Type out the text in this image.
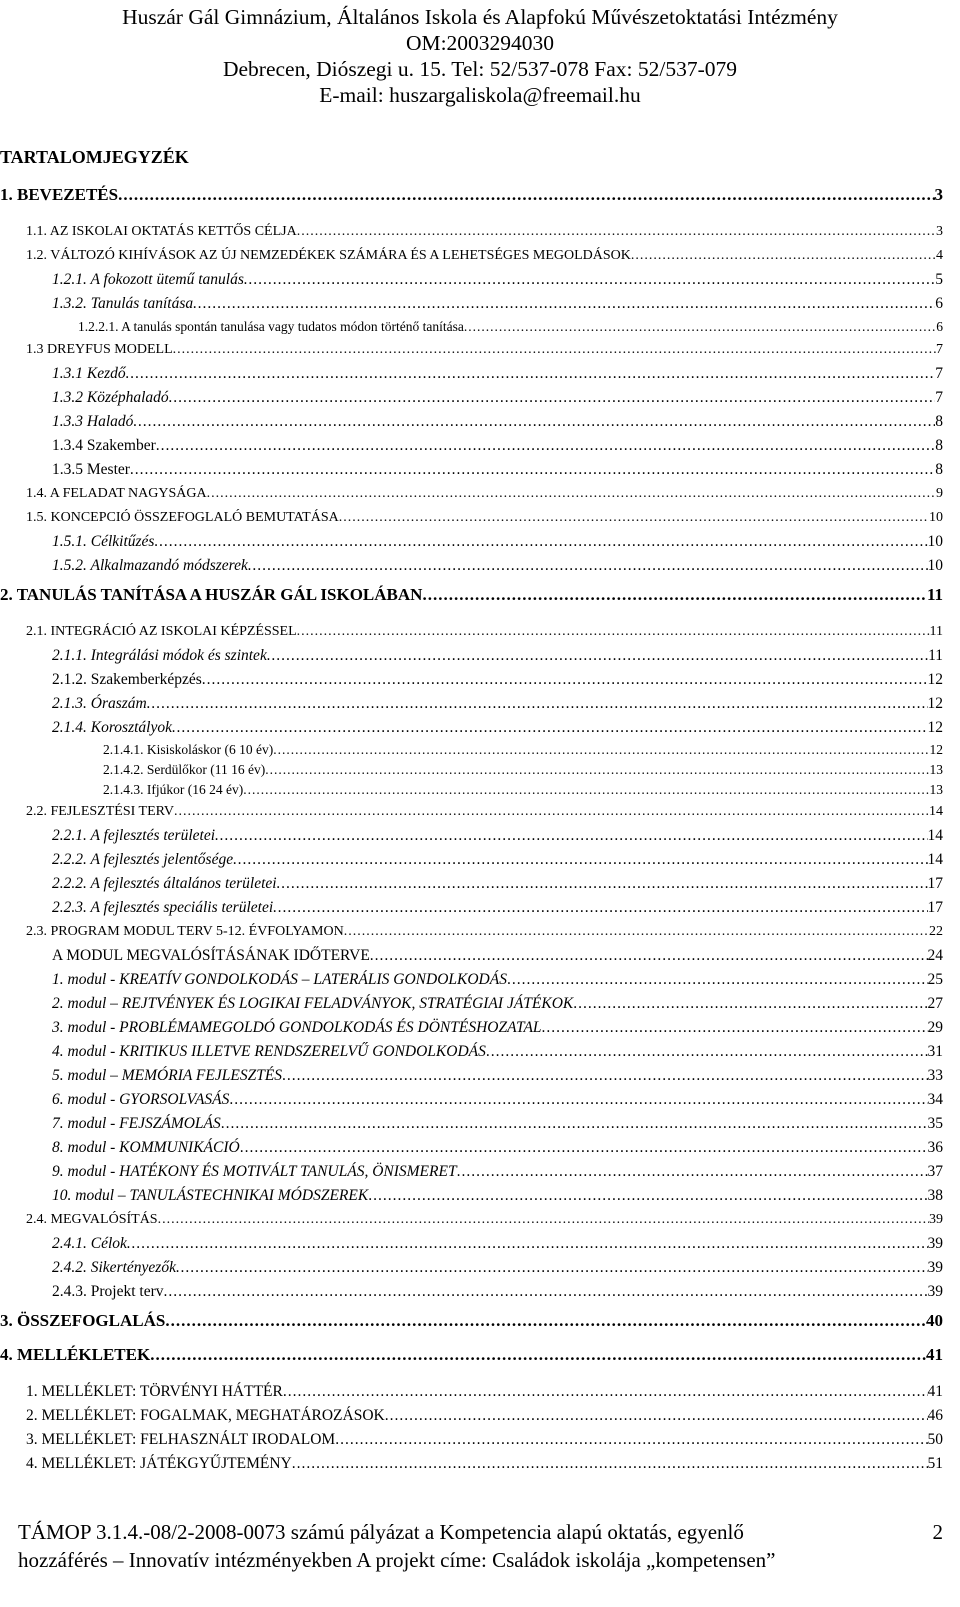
Huszár Gál Gimnázium, Általános Iskola és Alapfokú Művészetoktatási Intézmény
OM:2003294030
Debrecen, Diószegi u. 15. Tel: 52/537-078 Fax: 52/537-079
E-mail: huszargaliskola@freemail.hu
TARTALOMJEGYZÉK
1. BEVEZETÉS .....	3
1.1. AZ ISKOLAI OKTATÁS KETTŐS CÉLJA .....	3
1.2. VÁLTOZÓ KIHÍVÁSOK AZ ÚJ NEMZEDÉKEK SZÁMÁRA ÉS A LEHETSÉGES MEGOLDÁSOK .....	4
1.2.1. A fokozott ütemű tanulás .....	5
1.3.2. Tanulás tanítása .....	6
1.2.2.1. A tanulás spontán tanulása vagy tudatos módon történő tanítása .....	6
1.3 DREYFUS MODELL .....	7
1.3.1 Kezdő .....	7
1.3.2 Középhaladó .....	7
1.3.3 Haladó .....	8
1.3.4 Szakember .....	8
1.3.5 Mester .....	8
1.4. A FELADAT NAGYSÁGA .....	9
1.5. KONCEPCIÓ ÖSSZEFOGLALÓ BEMUTATÁSA .....	10
1.5.1. Célkitűzés .....	10
1.5.2. Alkalmazandó módszerek .....	10
2. TANULÁS TANÍTÁSA A HUSZÁR GÁL ISKOLÁBAN .....	11
2.1. INTEGRÁCIÓ AZ ISKOLAI KÉPZÉSSEL .....	11
2.1.1. Integrálási módok és szintek .....	11
2.1.2. Szakemberképzés .....	12
2.1.3. Óraszám .....	12
2.1.4. Korosztályok .....	12
2.1.4.1. Kisiskoláskor (6 10 év) .....	12
2.1.4.2. Serdülőkor (11 16 év) .....	13
2.1.4.3. Ifjúkor (16 24 év) .....	13
2.2. FEJLESZTÉSI TERV .....	14
2.2.1. A fejlesztés területei .....	14
2.2.2. A fejlesztés jelentősége .....	14
2.2.2. A fejlesztés általános területei .....	17
2.2.3. A fejlesztés speciális területei .....	17
2.3. PROGRAM MODUL TERV 5-12. ÉVFOLYAMON .....	22
A MODUL MEGVALÓSÍTÁSÁNAK IDŐTERVE .....	24
1. modul - KREATÍV GONDOLKODÁS – LATERÁLIS GONDOLKODÁS .....	25
2. modul – REJTVÉNYEK ÉS LOGIKAI FELADVÁNYOK, STRATÉGIAI JÁTÉKOK .....	27
3. modul - PROBLÉMAMEGOLDÓ GONDOLKODÁS ÉS DÖNTÉSHOZATAL .....	29
4. modul - KRITIKUS ILLETVE RENDSZERELVŰ GONDOLKODÁS .....	31
5. modul – MEMÓRIA FEJLESZTÉS .....	33
6. modul - GYORSOLVASÁS .....	34
7. modul - FEJSZÁMOLÁS .....	35
8. modul - KOMMUNIKÁCIÓ .....	36
9. modul - HATÉKONY ÉS MOTIVÁLT TANULÁS, ÖNISMERET .....	37
10. modul – TANULÁSTECHNIKAI MÓDSZEREK .....	38
2.4. MEGVALÓSÍTÁS .....	39
2.4.1. Célok .....	39
2.4.2. Sikertényezők .....	39
2.4.3. Projekt terv .....	39
3. ÖSSZEFOGLALÁS .....	40
4. MELLÉKLETEK .....	41
1. MELLÉKLET: TÖRVÉNYI HÁTTÉR .....	41
2. MELLÉKLET: FOGALMAK, MEGHATÁROZÁSOK .....	46
3. MELLÉKLET: FELHASZNÁLT IRODALOM .....	50
4. MELLÉKLET: JÁTÉKGYŰJTEMÉNY .....	51
TÁMOP 3.1.4.-08/2-2008-0073 számú pályázat a Kompetencia alapú oktatás, egyenlő
hozzáférés – Innovatív intézményekben A projekt címe: Családok iskolája „kompetensen”
2
